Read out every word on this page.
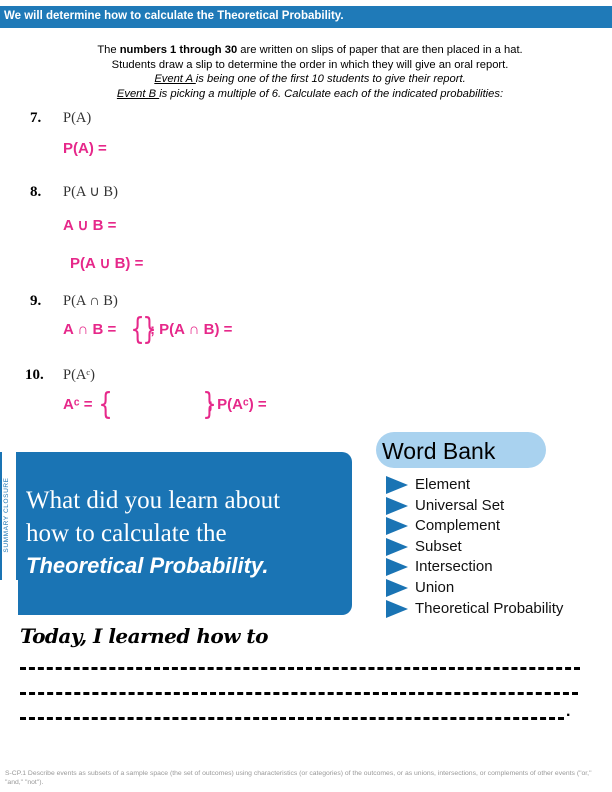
We will determine how to calculate the Theoretical Probability.
The numbers 1 through 30 are written on slips of paper that are then placed in a hat.
Students draw a slip to determine the order in which they will give an oral report.
Event A is being one of the first 10 students to give their report.
Event B is picking a multiple of 6. Calculate each of the indicated probabilities:
7. P(A)
P(A) =
8. P(A ∪ B)
A ∪ B =
P(A ∪ B) =
9. P(A ∩ B)
A ∩ B = {
}
; P(A ∩ B) =
10. P(Aᶜ)
Aᶜ = {	}
; P(Aᶜ) =
SUMMARY CLOSURE What did you learn about
how to calculate the
Theoretical Probability.
Word Bank
Element
Universal Set
Complement
Subset
Intersection
Union
Theoretical Probability
Today, I learned how to
.
S-CP.1 Describe events as subsets of a sample space (the set of outcomes) using characteristics (or categories) of the outcomes, or as unions, intersections, or complements of other events ("or," "and," "not").
